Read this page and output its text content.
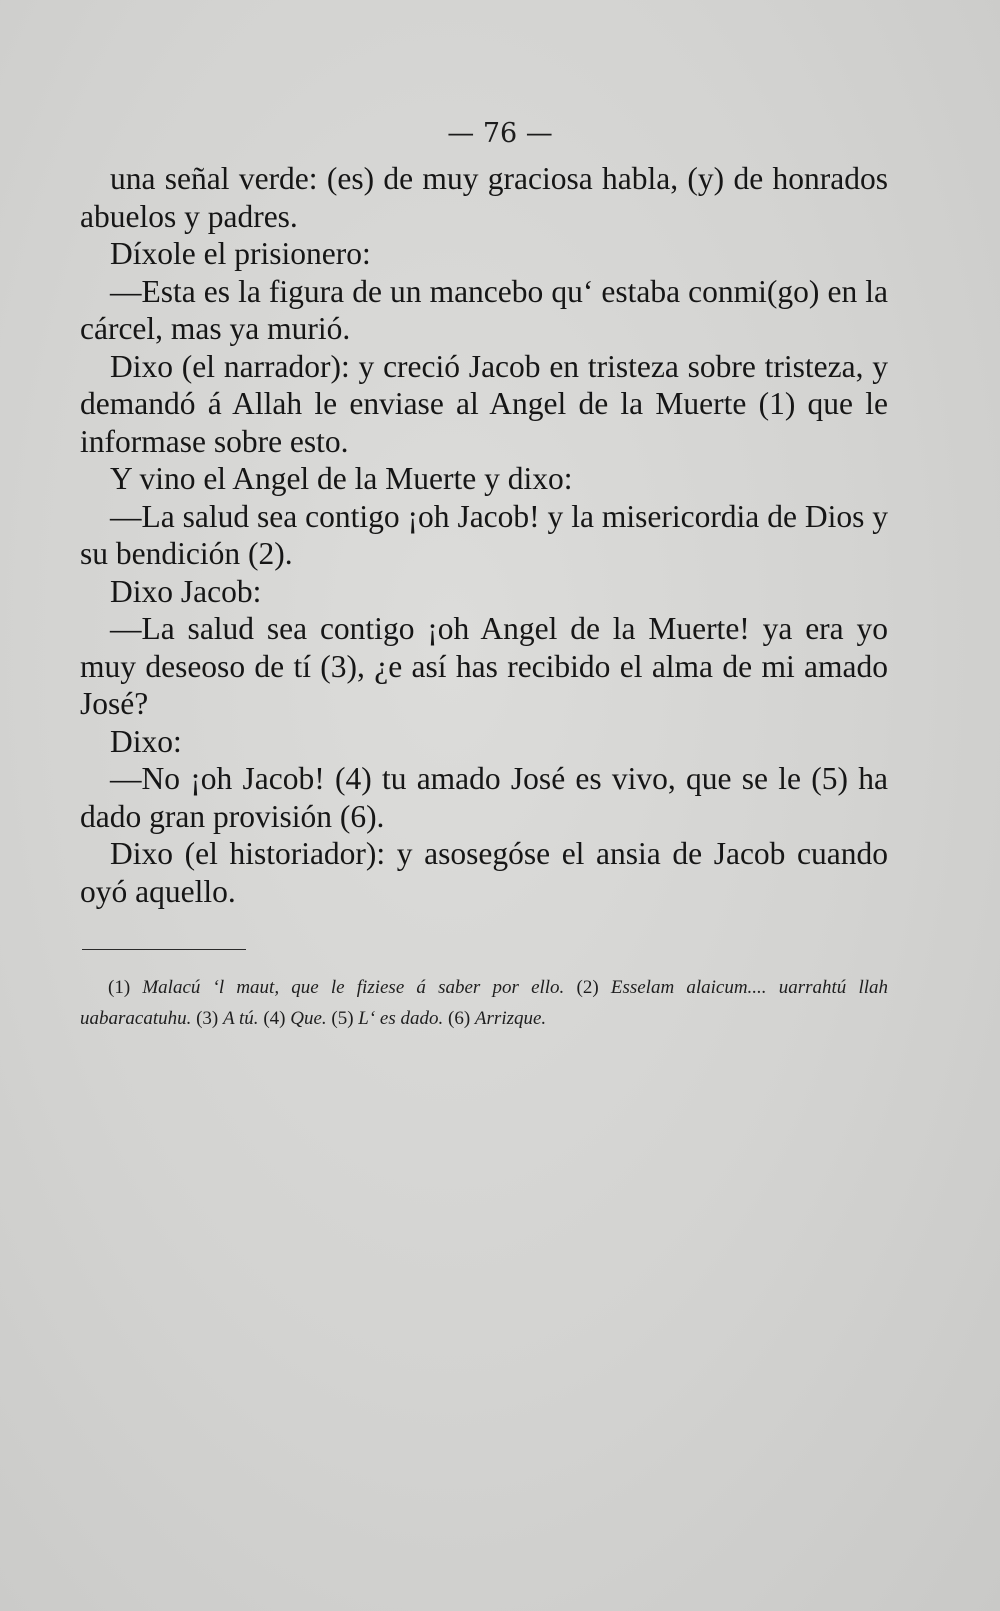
— 76 —

una señal verde: (es) de muy graciosa habla, (y) de honrados abuelos y padres.

Díxole el prisionero:

—Esta es la figura de un mancebo qu‘ estaba conmi(go) en la cárcel, mas ya murió.

Dixo (el narrador): y creció Jacob en tristeza sobre tristeza, y demandó á Allah le enviase al Angel de la Muerte (1) que le informase sobre esto.

Y vino el Angel de la Muerte y dixo:

—La salud sea contigo ¡oh Jacob! y la misericordia de Dios y su bendición (2).

Dixo Jacob:

—La salud sea contigo ¡oh Angel de la Muerte! ya era yo muy deseoso de tí (3), ¿e así has recibido el alma de mi amado José?

Dixo:

—No ¡oh Jacob! (4) tu amado José es vivo, que se le (5) ha dado gran provisión (6).

Dixo (el historiador): y asosegóse el ansia de Jacob cuando oyó aquello.

(1) Malacú ‘l maut, que le fiziese á saber por ello. (2) Esselam alaicum.... uarrahtú llah uabaracatuhu. (3) A tú. (4) Que. (5) L‘ es dado. (6) Arrizque.
